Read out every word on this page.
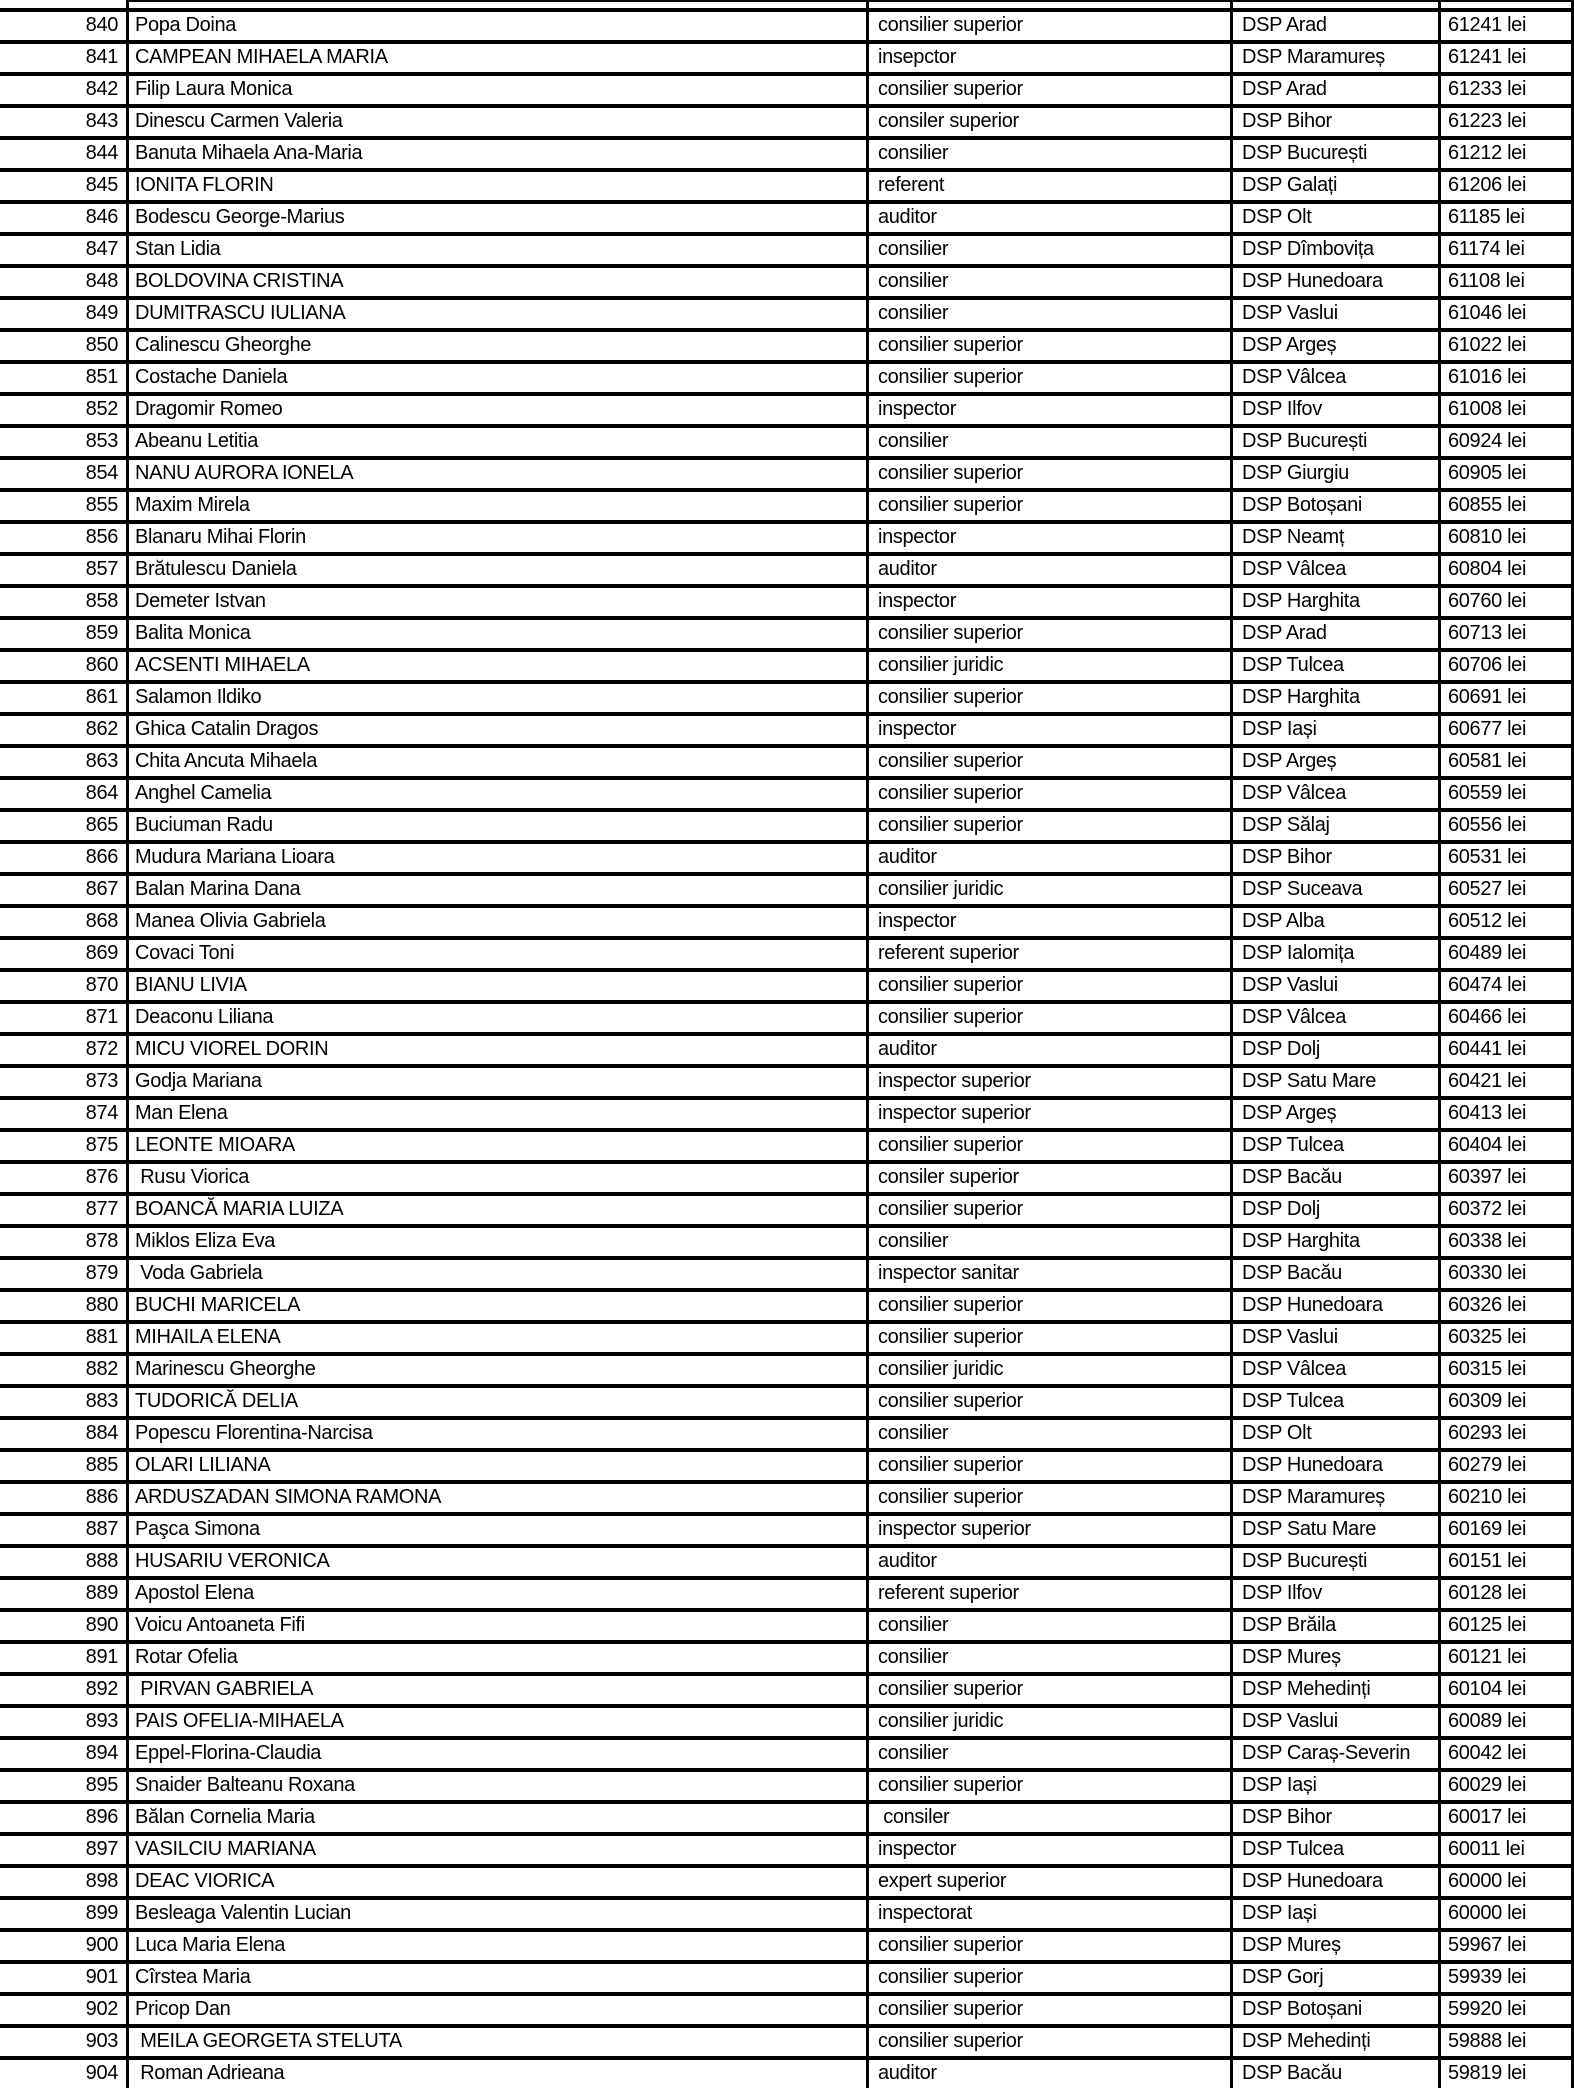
840 Popa Doina	consilier superior	DSP Arad	61241 lei
841 CAMPEAN MIHAELA MARIA	insepctor	DSP Maramureș	61241 lei
842 Filip Laura Monica	consilier superior	DSP Arad	61233 lei
843 Dinescu Carmen Valeria	consiler superior	DSP Bihor	61223 lei
844 Banuta Mihaela Ana-Maria	consilier	DSP București	61212 lei
845 IONITA FLORIN	referent	DSP Galați	61206 lei
846 Bodescu George-Marius	auditor	DSP Olt	61185 lei
847 Stan Lidia	consilier	DSP Dîmbovița	61174 lei
848 BOLDOVINA CRISTINA	consilier	DSP Hunedoara	61108 lei
849 DUMITRASCU IULIANA	consilier	DSP Vaslui	61046 lei
850 Calinescu Gheorghe	consilier superior	DSP Argeș	61022 lei
851 Costache Daniela	consilier superior	DSP Vâlcea	61016 lei
852 Dragomir Romeo	inspector	DSP Ilfov	61008 lei
853 Abeanu Letitia	consilier	DSP București	60924 lei
854 NANU AURORA IONELA	consilier superior	DSP Giurgiu	60905 lei
855 Maxim Mirela	consilier superior	DSP Botoșani	60855 lei
856 Blanaru Mihai Florin	inspector	DSP Neamț	60810 lei
857 Brătulescu Daniela	auditor	DSP Vâlcea	60804 lei
858 Demeter Istvan	inspector	DSP Harghita	60760 lei
859 Balita Monica	consilier superior	DSP Arad	60713 lei
860 ACSENTI MIHAELA	consilier juridic	DSP Tulcea	60706 lei
861 Salamon Ildiko	consilier superior	DSP Harghita	60691 lei
862 Ghica Catalin Dragos	inspector	DSP Iași	60677 lei
863 Chita Ancuta Mihaela	consilier superior	DSP Argeș	60581 lei
864 Anghel Camelia	consilier superior	DSP Vâlcea	60559 lei
865 Buciuman Radu	consilier superior	DSP Sălaj	60556 lei
866 Mudura Mariana Lioara	auditor	DSP Bihor	60531 lei
867 Balan Marina Dana	consilier juridic	DSP Suceava	60527 lei
868 Manea Olivia Gabriela	inspector	DSP Alba	60512 lei
869 Covaci Toni	referent superior	DSP Ialomița	60489 lei
870 BIANU LIVIA	consilier superior	DSP Vaslui	60474 lei
871 Deaconu Liliana	consilier superior	DSP Vâlcea	60466 lei
872 MICU VIOREL DORIN	auditor	DSP Dolj	60441 lei
873 Godja Mariana	inspector superior	DSP Satu Mare	60421 lei
874 Man Elena	inspector superior	DSP Argeș	60413 lei
875 LEONTE MIOARA	consilier superior	DSP Tulcea	60404 lei
876 Rusu Viorica	consiler superior	DSP Bacău	60397 lei
877 BOANCĂ MARIA LUIZA	consilier superior	DSP Dolj	60372 lei
878 Miklos Eliza Eva	consilier	DSP Harghita	60338 lei
879 Voda Gabriela	inspector sanitar	DSP Bacău	60330 lei
880 BUCHI MARICELA	consilier superior	DSP Hunedoara	60326 lei
881 MIHAILA ELENA	consilier superior	DSP Vaslui	60325 lei
882 Marinescu Gheorghe	consilier juridic	DSP Vâlcea	60315 lei
883 TUDORICĂ DELIA	consilier superior	DSP Tulcea	60309 lei
884 Popescu Florentina-Narcisa	consilier	DSP Olt	60293 lei
885 OLARI LILIANA	consilier superior	DSP Hunedoara	60279 lei
886 ARDUSZADAN SIMONA RAMONA	consilier superior	DSP Maramureș	60210 lei
887 Paşca Simona	inspector superior	DSP Satu Mare	60169 lei
888 HUSARIU VERONICA	auditor	DSP București	60151 lei
889 Apostol Elena	referent superior	DSP Ilfov	60128 lei
890 Voicu Antoaneta Fifi	consilier	DSP Brăila	60125 lei
891 Rotar Ofelia	consilier	DSP Mureș	60121 lei
892 PIRVAN GABRIELA	consilier superior	DSP Mehedinți	60104 lei
893 PAIS OFELIA-MIHAELA	consilier juridic	DSP Vaslui	60089 lei
894 Eppel-Florina-Claudia	consilier	DSP Caraș-Severin	60042 lei
895 Snaider Balteanu Roxana	consilier superior	DSP Iași	60029 lei
896 Bălan Cornelia Maria	consiler	DSP Bihor	60017 lei
897 VASILCIU MARIANA	inspector	DSP Tulcea	60011 lei
898 DEAC VIORICA	expert superior	DSP Hunedoara	60000 lei
899 Besleaga Valentin Lucian	inspectorat	DSP Iași	60000 lei
900 Luca Maria Elena	consilier superior	DSP Mureș	59967 lei
901 Cîrstea Maria	consilier superior	DSP Gorj	59939 lei
902 Pricop Dan	consilier superior	DSP Botoșani	59920 lei
903 MEILA GEORGETA STELUTA	consilier superior	DSP Mehedinți	59888 lei
904 Roman Adrieana	auditor	DSP Bacău	59819 lei
